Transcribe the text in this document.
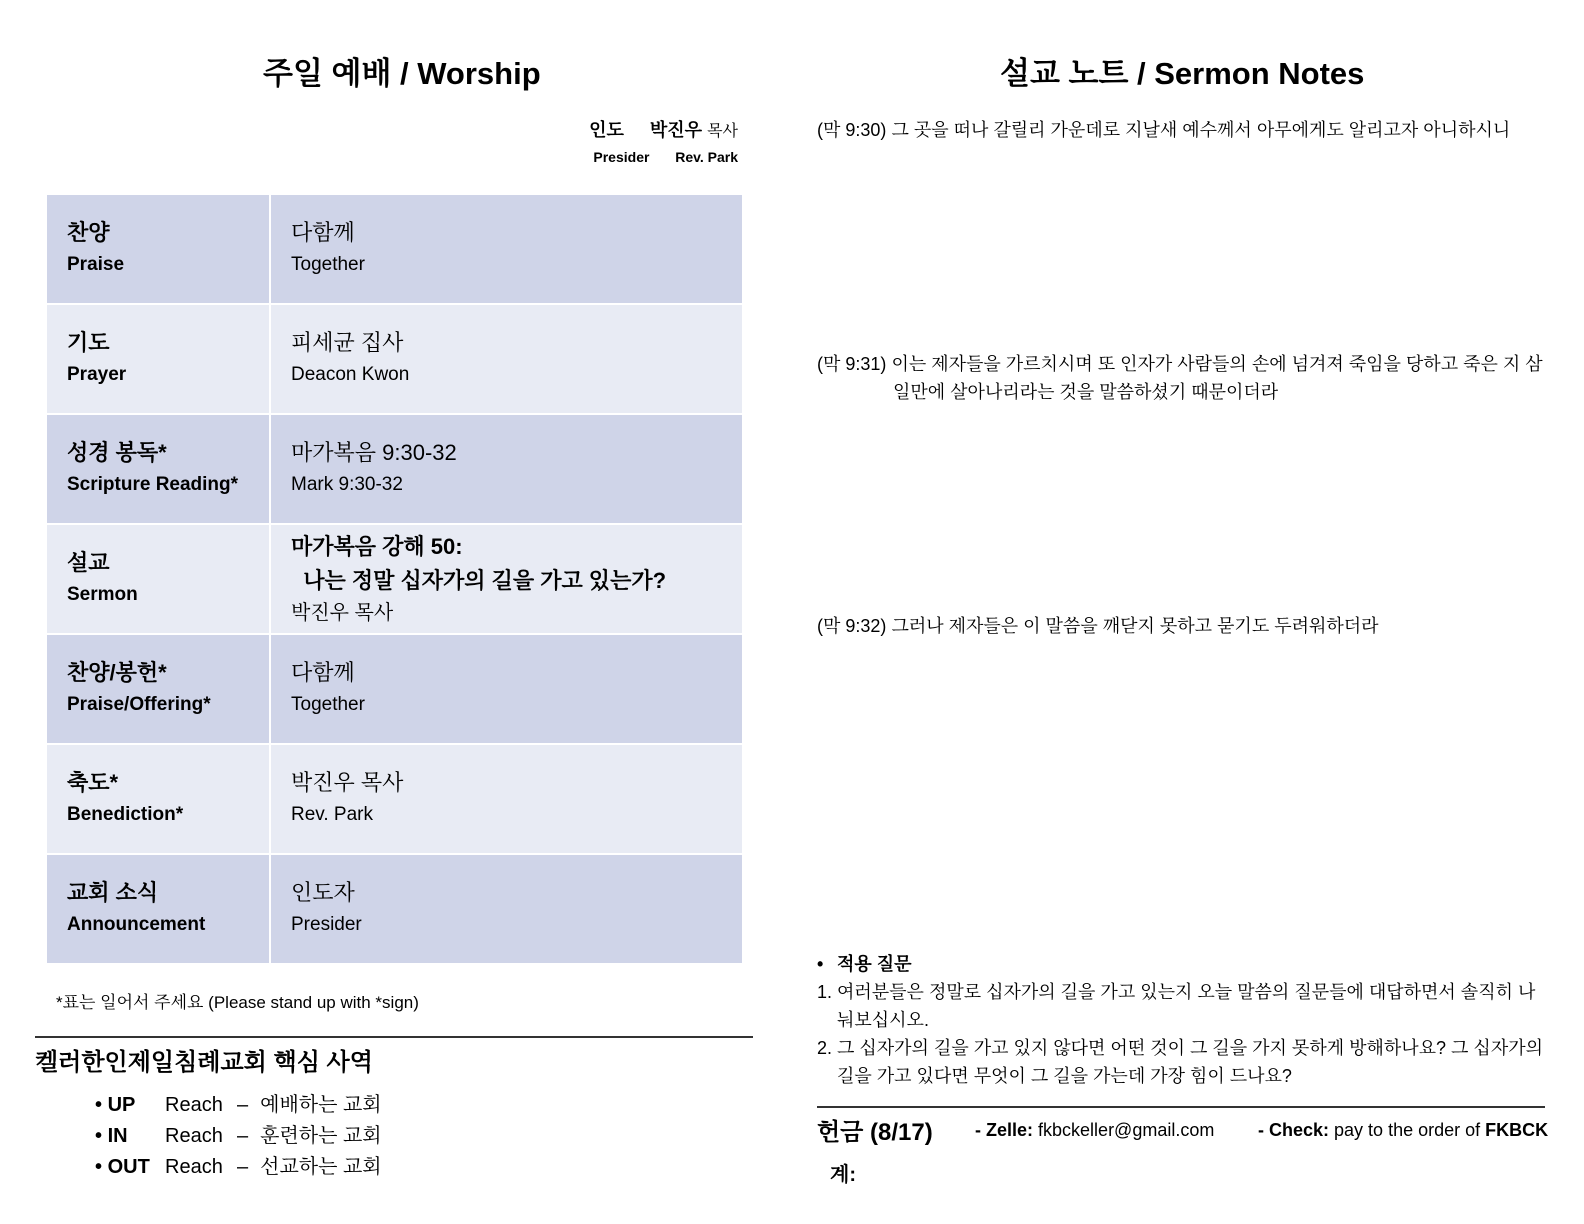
주일 예배 / Worship
인도 박진우 목사
Presider Rev. Park
찬양
Praise	다함께
Together

기도
Prayer	피세균 집사
Deacon Kwon

성경 봉독*
Scripture Reading*	마가복음 9:30-32
Mark 9:30-32

설교
Sermon	마가복음 강해 50:
나는 정말 십자가의 길을 가고 있는가?
박진우 목사

찬양/봉헌*
Praise/Offering*	다함께
Together

축도*
Benediction*	박진우 목사
Rev. Park

교회 소식
Announcement	인도자
Presider
*표는 일어서 주세요 (Please stand up with *sign)
켈러한인제일침례교회 핵심 사역
• UP Reach – 예배하는 교회
• IN Reach – 훈련하는 교회
• OUT Reach – 선교하는 교회
설교 노트 / Sermon Notes
(막 9:30) 그 곳을 떠나 갈릴리 가운데로 지날새 예수께서 아무에게도 알리고자 아니하시니
(막 9:31) 이는 제자들을 가르치시며 또 인자가 사람들의 손에 넘겨져 죽임을 당하고 죽은 지 삼
일만에 살아나리라는 것을 말씀하셨기 때문이더라
(막 9:32) 그러나 제자들은 이 말씀을 깨닫지 못하고 묻기도 두려워하더라
• 적용 질문
1. 여러분들은 정말로 십자가의 길을 가고 있는지 오늘 말씀의 질문들에 대답하면서 솔직히 나
눠보십시오.
2. 그 십자가의 길을 가고 있지 않다면 어떤 것이 그 길을 가지 못하게 방해하나요? 그 십자가의
길을 가고 있다면 무엇이 그 길을 가는데 가장 힘이 드나요?
헌금 (8/17) - Zelle: fkbckeller@gmail.com - Check: pay to the order of FKBCK
계:
